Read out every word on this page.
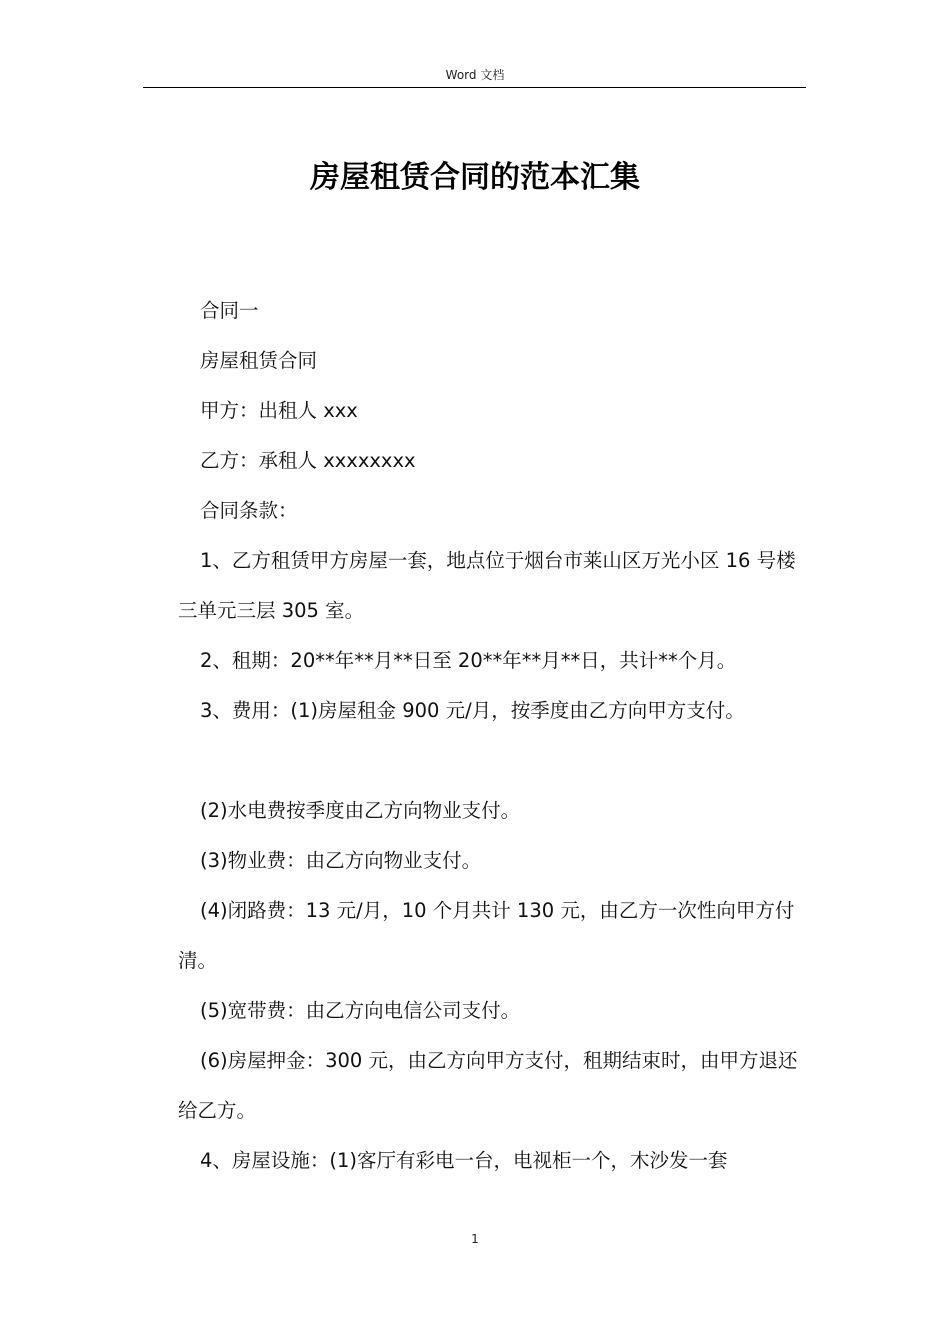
Word 文档
房屋租赁合同的范本汇集

合同一

房屋租赁合同

甲方：出租人 xxx

乙方：承租人 xxxxxxxx

合同条款：

1、乙方租赁甲方房屋一套，地点位于烟台市莱山区万光小区 16 号楼三单元三层 305 室。

2、租期：20**年**月**日至 20**年**月**日，共计**个月。

3、费用：(1)房屋租金 900 元/月，按季度由乙方向甲方支付。

(2)水电费按季度由乙方向物业支付。

(3)物业费：由乙方向物业支付。

(4)闭路费：13 元/月，10 个月共计 130 元，由乙方一次性向甲方付清。

(5)宽带费：由乙方向电信公司支付。

(6)房屋押金：300 元，由乙方向甲方支付，租期结束时，由甲方退还给乙方。

4、房屋设施：(1)客厅有彩电一台，电视柜一个，木沙发一套

1
